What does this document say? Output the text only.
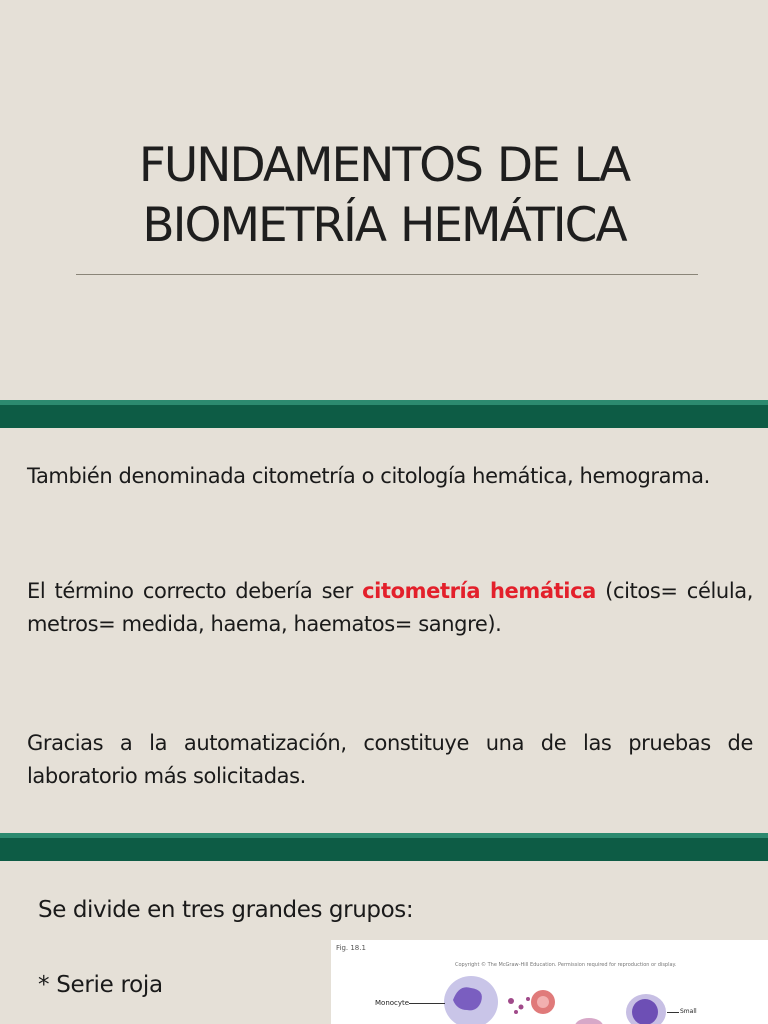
FUNDAMENTOS DE LA
BIOMETRÍA HEMÁTICA

También denominada citometría o citología hemática, hemograma.

El término correcto debería ser citometría hemática (citos= célula, metros= medida, haema, haematos= sangre).

Gracias a la automatización, constituye una de las pruebas de laboratorio más solicitadas.

Se divide en tres grandes grupos:

* Serie roja

Fig. 18.1
Copyright © The McGraw-Hill Education. Permission required for reproduction or display.
Monocyte
Small
